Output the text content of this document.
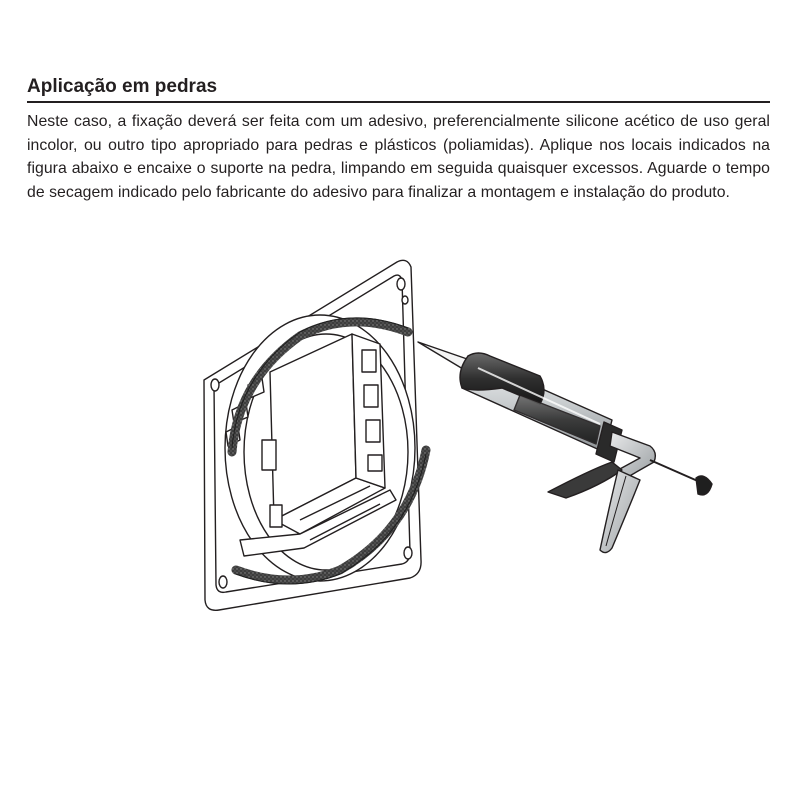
Aplicação em pedras

Neste caso, a fixação deverá ser feita com um adesivo, preferencialmente silicone acético de uso geral incolor, ou outro tipo apropriado para pedras e plásticos (poliamidas). Aplique nos locais indicados na figura abaixo e encaixe o suporte na pedra, limpando em seguida quaisquer excessos. Aguarde o tempo de secagem indicado pelo fabricante do adesivo para finalizar a montagem e instalação do produto.
